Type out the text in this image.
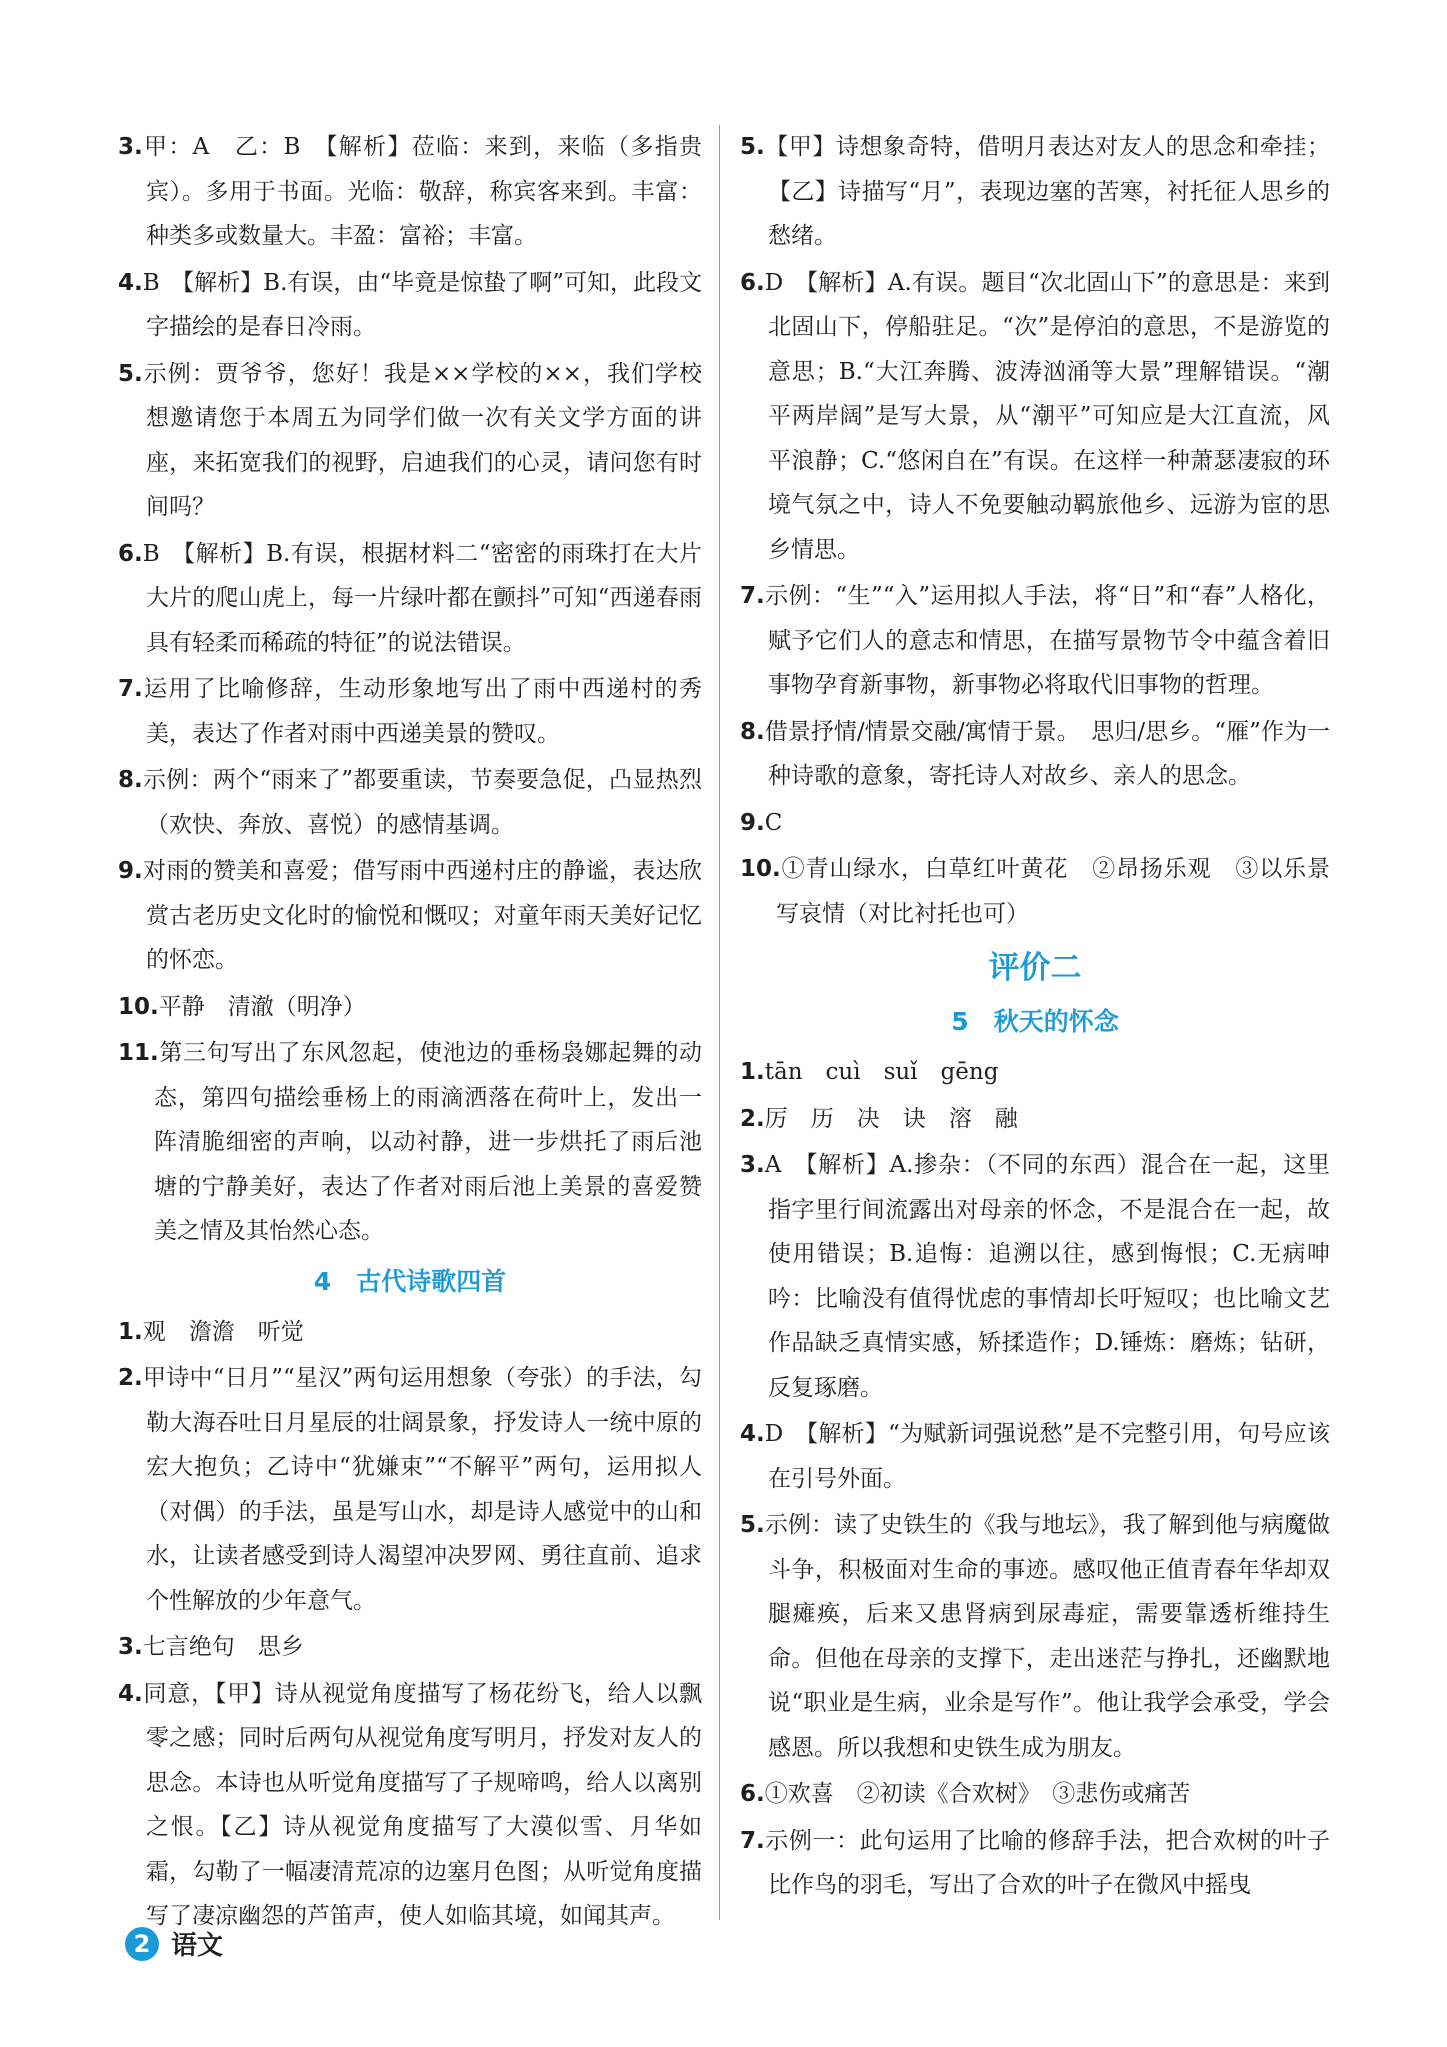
3.甲：A　乙：B　【解析】莅临：来到，来临（多指贵宾）。多用于书面。光临：敬辞，称宾客来到。丰富：种类多或数量大。丰盈：富裕；丰富。
4.B　【解析】B.有误，由“毕竟是惊蛰了啊”可知，此段文字描绘的是春日冷雨。
5.示例：贾爷爷，您好！我是××学校的××，我们学校想邀请您于本周五为同学们做一次有关文学方面的讲座，来拓宽我们的视野，启迪我们的心灵，请问您有时间吗？
6.B　【解析】B.有误，根据材料二“密密的雨珠打在大片大片的爬山虎上，每一片绿叶都在颤抖”可知“西递春雨具有轻柔而稀疏的特征”的说法错误。
7.运用了比喻修辞，生动形象地写出了雨中西递村的秀美，表达了作者对雨中西递美景的赞叹。
8.示例：两个“雨来了”都要重读，节奏要急促，凸显热烈（欢快、奔放、喜悦）的感情基调。
9.对雨的赞美和喜爱；借写雨中西递村庄的静谧，表达欣赏古老历史文化时的愉悦和慨叹；对童年雨天美好记忆的怀恋。
10.平静　清澈（明净）
11.第三句写出了东风忽起，使池边的垂杨袅娜起舞的动态，第四句描绘垂杨上的雨滴洒落在荷叶上，发出一阵清脆细密的声响，以动衬静，进一步烘托了雨后池塘的宁静美好，表达了作者对雨后池上美景的喜爱赞美之情及其怡然心态。
4　古代诗歌四首
1.观　澹澹　听觉
2.甲诗中“日月”“星汉”两句运用想象（夸张）的手法，勾勒大海吞吐日月星辰的壮阔景象，抒发诗人一统中原的宏大抱负；乙诗中“犹嫌束”“不解平”两句，运用拟人（对偶）的手法，虽是写山水，却是诗人感觉中的山和水，让读者感受到诗人渴望冲决罗网、勇往直前、追求个性解放的少年意气。
3.七言绝句　思乡
4.同意，【甲】诗从视觉角度描写了杨花纷飞，给人以飘零之感；同时后两句从视觉角度写明月，抒发对友人的思念。本诗也从听觉角度描写了子规啼鸣，给人以离别之恨。【乙】诗从视觉角度描写了大漠似雪、月华如霜，勾勒了一幅凄清荒凉的边塞月色图；从听觉角度描写了凄凉幽怨的芦笛声，使人如临其境，如闻其声。
5.【甲】诗想象奇特，借明月表达对友人的思念和牵挂；【乙】诗描写“月”，表现边塞的苦寒，衬托征人思乡的愁绪。
6.D　【解析】A.有误。题目“次北固山下”的意思是：来到北固山下，停船驻足。“次”是停泊的意思，不是游览的意思；B.“大江奔腾、波涛汹涌等大景”理解错误。“潮平两岸阔”是写大景，从“潮平”可知应是大江直流，风平浪静；C.“悠闲自在”有误。在这样一种萧瑟凄寂的环境气氛之中，诗人不免要触动羁旅他乡、远游为宦的思乡情思。
7.示例：“生”“入”运用拟人手法，将“日”和“春”人格化，赋予它们人的意志和情思，在描写景物节令中蕴含着旧事物孕育新事物，新事物必将取代旧事物的哲理。
8.借景抒情/情景交融/寓情于景。　思归/思乡。“雁”作为一种诗歌的意象，寄托诗人对故乡、亲人的思念。
9.C
10.①青山绿水，白草红叶黄花　②昂扬乐观　③以乐景写哀情（对比衬托也可）
评价二
5　秋天的怀念
1.tān　cuì　suǐ　gēng
2.厉　历　决　诀　溶　融
3.A　【解析】A.掺杂：（不同的东西）混合在一起，这里指字里行间流露出对母亲的怀念，不是混合在一起，故使用错误；B.追悔：追溯以往，感到悔恨；C.无病呻吟：比喻没有值得忧虑的事情却长吁短叹；也比喻文艺作品缺乏真情实感，矫揉造作；D.锤炼：磨炼；钻研，反复琢磨。
4.D　【解析】“为赋新词强说愁”是不完整引用，句号应该在引号外面。
5.示例：读了史铁生的《我与地坛》，我了解到他与病魔做斗争，积极面对生命的事迹。感叹他正值青春年华却双腿瘫痪，后来又患肾病到尿毒症，需要靠透析维持生命。但他在母亲的支撑下，走出迷茫与挣扎，还幽默地说“职业是生病，业余是写作”。他让我学会承受，学会感恩。所以我想和史铁生成为朋友。
6.①欢喜　②初读《合欢树》　③悲伤或痛苦
7.示例一：此句运用了比喻的修辞手法，把合欢树的叶子比作鸟的羽毛，写出了合欢的叶子在微风中摇曳
2 语文
